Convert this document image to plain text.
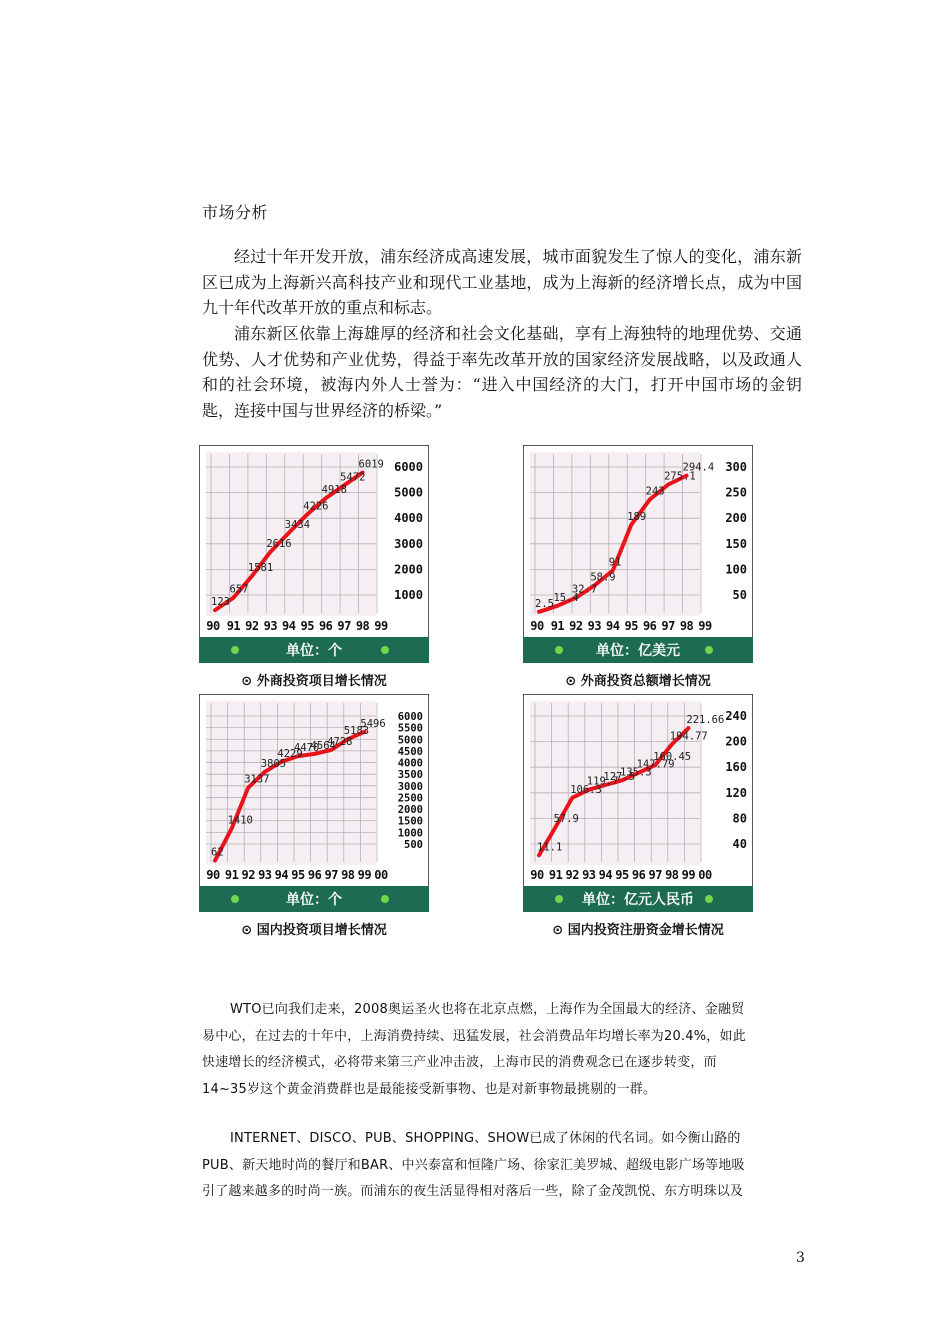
市场分析
经过十年开发开放，浦东经济成高速发展，城市面貌发生了惊人的变化，浦东新区已成为上海新兴高科技产业和现代工业基地，成为上海新的经济增长点，成为中国九十年代改革开放的重点和标志。
浦东新区依靠上海雄厚的经济和社会文化基础，享有上海独特的地理优势、交通优势、人才优势和产业优势，得益于率先改革开放的国家经济发展战略，以及政通人和的社会环境，被海内外人士誉为：“进入中国经济的大门，打开中国市场的金钥匙，连接中国与世界经济的桥梁。”
6000
5000
4000
3000
2000
1000
123
657
1581
2616
3434
4226
4918
5472
6019
90 91 92 93 94 95 96 97 98 99
单位：个
⊙ 外商投资项目增长情况
300
250
200
150
100
50
2.5
15.4
32.7
58.9
91
189
243
275.1
294.4
90 91 92 93 94 95 96 97 98 99
单位：亿美元
⊙ 外商投资总额增长情况
6000
5500
5000
4500
4000
3500
3000
2500
2000
1500
1000
500
62
1410
3137
3805
4229
4470
4564
4728
5183
5496
90 91 92 93 94 95 96 97 98 99 00
单位：个
⊙ 国内投资项目增长情况
240
200
160
120
80
40
11.1
57.9
106.3
119.7
127.5
135.3
147.79
160.45
194.77
221.66
90 91 92 93 94 95 96 97 98 99 00
单位：亿元人民币
⊙ 国内投资注册资金增长情况
WTO已向我们走来，2008奥运圣火也将在北京点燃，上海作为全国最大的经济、金融贸易中心，在过去的十年中，上海消费持续、迅猛发展，社会消费品年均增长率为20.4%，如此快速增长的经济模式，必将带来第三产业冲击波，上海市民的消费观念已在逐步转变，而14~35岁这个黄金消费群也是最能接受新事物、也是对新事物最挑剔的一群。
INTERNET、DISCO、PUB、SHOPPING、SHOW已成了休闲的代名词。如今衡山路的PUB、新天地时尚的餐厅和BAR、中兴泰富和恒隆广场、徐家汇美罗城、超级电影广场等地吸引了越来越多的时尚一族。而浦东的夜生活显得相对落后一些，除了金茂凯悦、东方明珠以及
3
